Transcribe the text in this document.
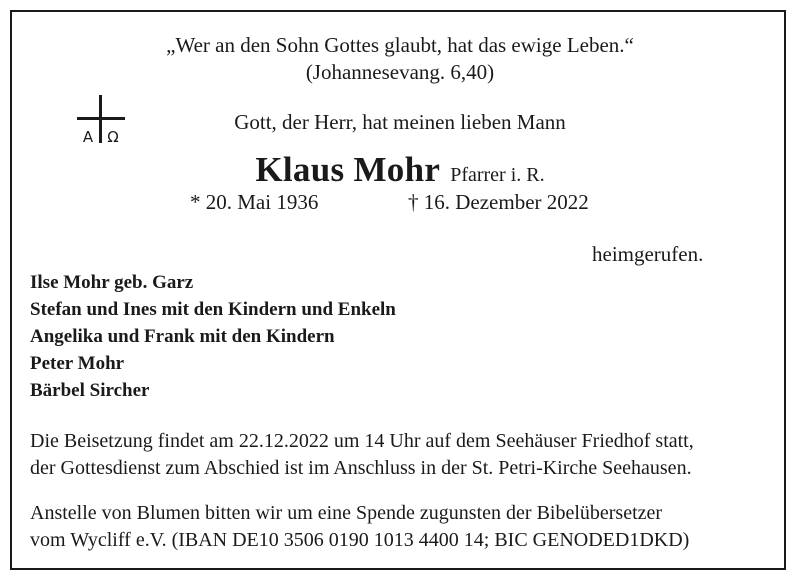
„Wer an den Sohn Gottes glaubt, hat das ewige Leben.“
(Johannesevang. 6,40)
A Ω
Gott, der Herr, hat meinen lieben Mann
Klaus Mohr Pfarrer i. R.
* 20. Mai 1936	† 16. Dezember 2022
heimgerufen.
Ilse Mohr geb. Garz
Stefan und Ines mit den Kindern und Enkeln
Angelika und Frank mit den Kindern
Peter Mohr
Bärbel Sircher
Die Beisetzung findet am 22.12.2022 um 14 Uhr auf dem Seehäuser Friedhof statt,
der Gottesdienst zum Abschied ist im Anschluss in der St. Petri-Kirche Seehausen.
Anstelle von Blumen bitten wir um eine Spende zugunsten der Bibelübersetzer
vom Wycliff e.V. (IBAN DE10 3506 0190 1013 4400 14; BIC GENODED1DKD)
